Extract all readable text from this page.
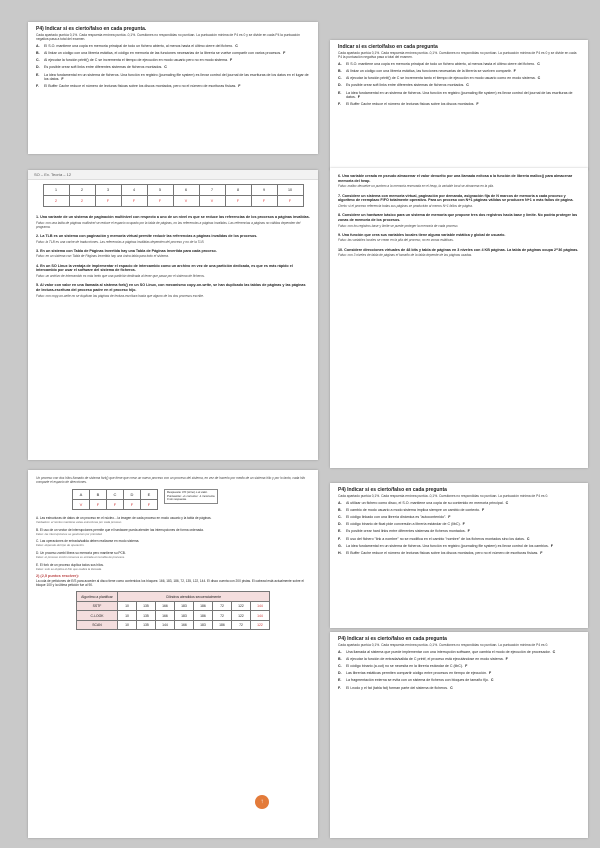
P4) Indicar si es cierto/falso en cada pregunta.
Cada apartado puntúa 0,1%. Cada respuesta errónea puntúa -0,1%. Cuestiones no respondidas no puntúan. La puntuación mínima de P4 es 0 y se divide en cada P4 la puntuación negativa pasa a total del examen.
A.	El S.O. mantiene una copia en memoria principal de todo un fichero abierto, al menos hasta el último cierre del fichero. C
B.	Al linkar un código con una librería estática, el código en memoria de las funciones necesarias de la librería se vuelve compartir con varios procesos. F
C.	Al ejecutar la función printf() de C se incrementa el tiempo de ejecución en modo usuario pero no en modo sistema. F
D.	Es posible crear soft links entre diferentes sistemas de ficheros montados. C
E.	La idea fundamental en un sistema de ficheros. Una función en registro (journaling file system) es llevar control del journal de las escrituras de los datos en el lugar de los datos. F
F.	El Buffer Cache reduce el número de lecturas físicas sobre los discos montados, pero no el número de escrituras físicas. F
Indicar si es cierto/falso en cada pregunta
Cada apartado puntúa 0,1%. Cada respuesta errónea puntúa -0,1%. Cuestiones no respondidas no puntúan. La puntuación mínima de P4 es 0 y se divide en cada P4 la puntuación negativa pasa a total del examen.
A.	El S.O. mantiene una copia en memoria principal de todo un fichero abierto, al menos hasta el último cierre del fichero. C
B.	Al linkar un código con una librería estática, las funciones necesarias de la librería se vuelven compartir. F
C.	Al ejecutar la función printf() de C se incrementa tanto el tiempo de ejecución en modo usuario como en modo sistema. C
D.	Es posible crear soft links entre diferentes sistemas de ficheros montados. C
E.	La idea fundamental en un sistema de ficheros. Una función en registro (journaling file system) es llevar control del journal de las escrituras de datos. F
F.	El Buffer Cache reduce el número de lecturas físicas sobre los discos montados. F
SO – Ex. Teoría – 12
1	2	3	4	5	6	7	8	9	10
2	2	F	F	F	V	V	F	F	F
1. Una variante de un sistema de paginación multinivel con respecto a uno de un nivel es que se reduce las referencias de los procesos a páginas invalidas.
Falso: con una tabla de páginas multinivel se reduce el espacio ocupado por la tabla de páginas, no las referencias a páginas invalidas. Las referencias a páginas no válidas dependen del programa.
2. La TLB es un sistema con paginación y memoria virtual permite reducir las referencias a páginas invalidas de los procesos.
Falso: la TLB es una cache de traducciones. Las referencias a páginas inválidas dependen del proceso y no de la TLB.
3. En un sistema con Tabla de Páginas Invertida hay una Tabla de Páginas Invertida para cada proceso.
Falso: en un sistema con Tabla de Páginas Invertida hay una única tabla para todo el sistema.
4. En un SO Linux la ventaja de implementar el espacio de intercambio como un archivo en vez de una partición dedicada, es que es más rápido el intercambio por usar el software del sistema de ficheros.
Falso: un archivo de intercambio es más lento que una partición dedicada al tener que pasar por el sistema de ficheros.
5. Al valor con valor en una llamada al sistema fork() en un SO Linux, con mecanismo copy-on-write, se han duplicado las tablas de páginas y las páginas de lectura-escritura del proceso padre en el proceso hijo.
Falso: con copy-on-write no se duplican las páginas de lectura-escritura hasta que alguno de los dos procesos escribe.
6. Una variable creada en pseudo almacenar el valor devuelto por una llamada exitosa a la función de librería malloc() para almacenar memoria del heap.
Falso: malloc devuelve un puntero a la memoria reservada en el heap, la variable local se almacena en la pila.
7. Considere un sistema con memoria virtual, paginación por demanda, asignación fija de N marcos de memoria a cada proceso y algoritmo de reemplazo FIFO totalmente operativo. Para un proceso con N+1 páginas válidas se producen N+1 o más fallos de página.
Cierto: si el proceso referencia todas sus páginas se producirán al menos N+1 fallos de página.
8. Considere un hardware básico para un sistema de memoria que propone tres dos registros hacia base y límite. No podría proteger las zonas de memoria de los procesos.
Falso: con los registros base y límite se puede proteger la memoria de cada proceso.
9. Una función que crea sus variables locales tiene alguna variable estática y global de usuario.
Falso: las variables locales se crean en la pila del proceso, no en zonas estáticas.
10. Considere direcciones virtuales de 48 bits y tabla de páginas en 3 niveles con 4 KB páginas. La tabla de páginas ocupa 2^36 páginas.
Falso: con 3 niveles de tabla de páginas el tamaño de la tabla depende de las páginas usadas.
P4) Indicar si es cierto/falso en cada pregunta
Cada apartado puntúa 0,1%. Cada respuesta errónea puntúa -0,1%. Cuestiones no respondidas no puntúan. La puntuación mínima de P4 es 0.
A.	Al utilizar un fichero como disco, el S.O. mantiene una copia de su contenido en memoria principal. C
B.	El cambio de modo usuario a modo sistema implica siempre un cambio de contexto. F
C.	El código linkado con una librería dinámica es "autocontenido". F
D.	El código binario de float pide conversión a librería estándar de C (libC). F
E.	Es posible crear hard links entre diferentes sistemas de ficheros montados. F
F.	El uso del fichero "link a nombre" no se modifica en el cambio "nombre" de los ficheros montados sino los datos. C
G.	La idea fundamental en un sistema de ficheros. Una función en registro (journaling file system) es llevar control de los cambios. F
H.	El Buffer Cache reduce el número de lecturas físicas sobre los discos montados, pero no el número de escrituras físicas. F
Un proceso con dos hilos llamado de sistema fork() que tiene que crear un nuevo proceso con un proceso del sistema, en vez de hacerlo por medio de un sistema hilo y por lo tanto, cada hilo comparte el espacio de direcciones.
A	B	C	D	E
V	F	F	F	F
Respuesta: V/F (sí/no) o el valor.
Puntuación: +1 correcta / -1 incorrecta
0 sin respuesta.
A. Las estructuras de datos de un proceso en el núcleo... la imagen de cada proceso en modo usuario y la tabla de páginas.
Verdadero: el núcleo mantiene estas estructuras por cada proceso.
B. El uso de un vector de interrupciones permite que el hardware pueda atender las interrupciones de forma ordenada.
Falso: las interrupciones se gestionan por prioridad.
C. Las operaciones de entrada/salida deben realizarse en modo sistema.
Falso: depende del tipo de operación.
D. Un proceso zombi libera su memoria pero mantiene su PCB.
Falso: el proceso zombi conserva su entrada en la tabla de procesos.
E. El fork de un proceso duplica todos sus hilos.
Falso: solo se duplica el hilo que realiza la llamada.
2) (2,5 puntos resolver):
La cola de peticiones de E/S para acceder al disco tiene como contenidos los bloques: 166, 183, 186, 72, 135, 122, 144. El disco cuenta con 200 pistas. El cabezal está actualmente sobre el bloque 100 y la última petición fue al 90.
Algoritmo a planificar	Cilindros atendidos secuencialmente							
SSTF	10	135	166	183	186	72	122	144
C-LOOK	10	135	166	183	186	72	122	144
SCAN	10	135	144	166	183	186	72	122
P4) Indicar si es cierto/falso en cada pregunta
Cada apartado puntúa 0,1%. Cada respuesta errónea puntúa -0,1%. Cuestiones no respondidas no puntúan. La puntuación mínima de P4 es 0.
A.	Una llamada al sistema que puede implementar con una interrupción software, que cambia el modo de ejecución de procesador. C
B.	Al ejecutar la función de entrada/salida de C printf, el proceso está ejecutándose en modo sistema. F
C.	El código binario (a.out) no se necesita en la librería estándar de C (libC). F
D.	Las librerías estáticas permiten compartir código entre procesos en tiempo de ejecución. F
E.	La fragmentación externa se evita con un sistema de ficheros con bloques de tamaño fijo. C
F.	El i-nodo y el fat (tabla fat) forman parte del sistema de ficheros. C
↑
